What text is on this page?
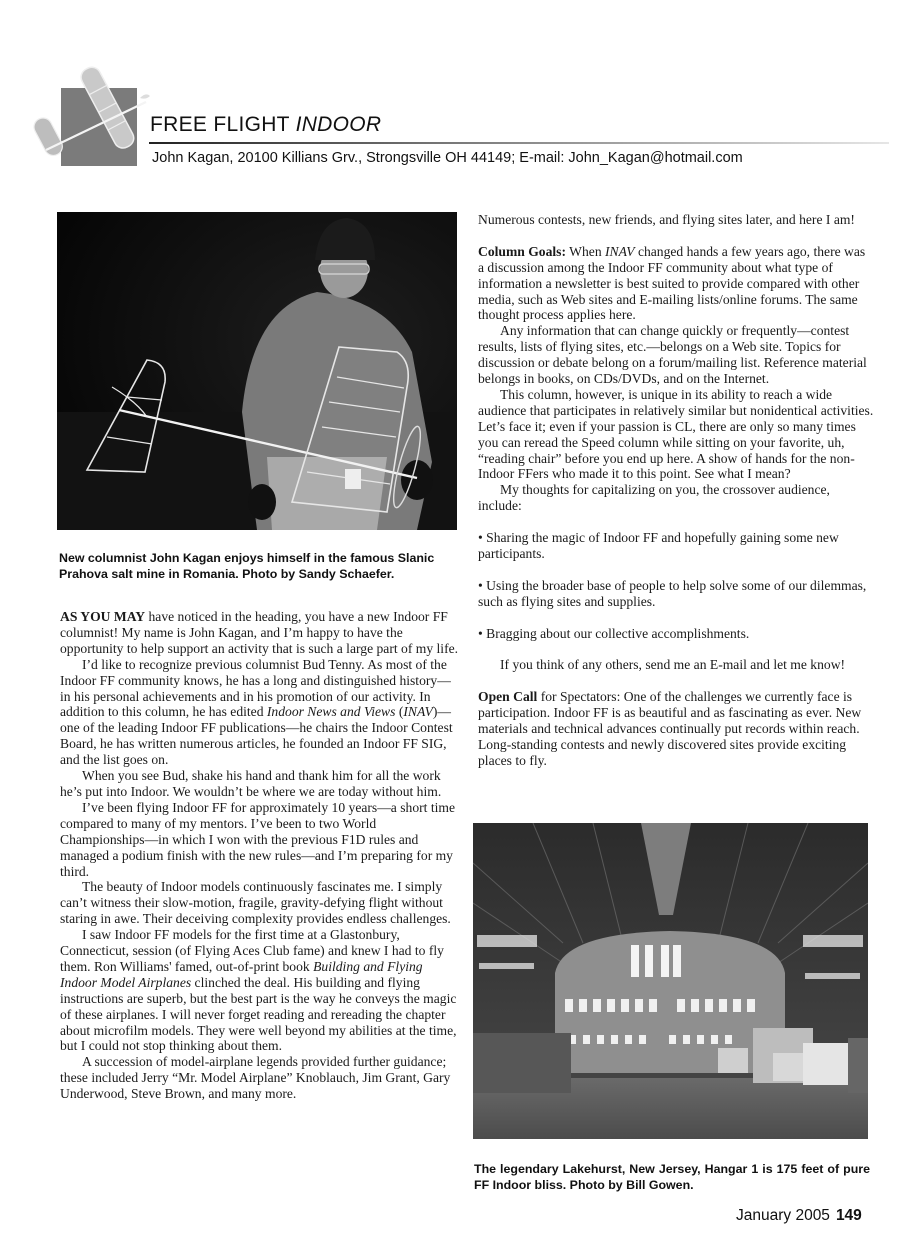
FREE FLIGHT INDOOR
John Kagan, 20100 Killians Grv., Strongsville OH 44149; E-mail: John_Kagan@hotmail.com
New columnist John Kagan enjoys himself in the famous Slanic Prahova salt mine in Romania. Photo by Sandy Schaefer.

AS YOU MAY have noticed in the heading, you have a new Indoor FF columnist! My name is John Kagan, and I’m happy to have the opportunity to help support an activity that is such a large part of my life.

I’d like to recognize previous columnist Bud Tenny. As most of the Indoor FF community knows, he has a long and distinguished history—in his personal achievements and in his promotion of our activity. In addition to this column, he has edited Indoor News and Views (INAV)—one of the leading Indoor FF publications—he chairs the Indoor Contest Board, he has written numerous articles, he founded an Indoor FF SIG, and the list goes on.

When you see Bud, shake his hand and thank him for all the work he’s put into Indoor. We wouldn’t be where we are today without him.

I’ve been flying Indoor FF for approximately 10 years—a short time compared to many of my mentors. I’ve been to two World Championships—in which I won with the previous F1D rules and managed a podium finish with the new rules—and I’m preparing for my third.

The beauty of Indoor models continuously fascinates me. I simply can’t witness their slow-motion, fragile, gravity-defying flight without staring in awe. Their deceiving complexity provides endless challenges.

I saw Indoor FF models for the first time at a Glastonbury, Connecticut, session (of Flying Aces Club fame) and knew I had to fly them. Ron Williams' famed, out-of-print book Building and Flying Indoor Model Airplanes clinched the deal. His building and flying instructions are superb, but the best part is the way he conveys the magic of these airplanes. I will never forget reading and rereading the chapter about microfilm models. They were well beyond my abilities at the time, but I could not stop thinking about them.

A succession of model-airplane legends provided further guidance; these included Jerry “Mr. Model Airplane” Knoblauch, Jim Grant, Gary Underwood, Steve Brown, and many more.

Numerous contests, new friends, and flying sites later, and here I am!

Column Goals: When INAV changed hands a few years ago, there was a discussion among the Indoor FF community about what type of information a newsletter is best suited to provide compared with other media, such as Web sites and E-mailing lists/online forums. The same thought process applies here.

Any information that can change quickly or frequently—contest results, lists of flying sites, etc.—belongs on a Web site. Topics for discussion or debate belong on a forum/mailing list. Reference material belongs in books, on CDs/DVDs, and on the Internet.

This column, however, is unique in its ability to reach a wide audience that participates in relatively similar but nonidentical activities. Let’s face it; even if your passion is CL, there are only so many times you can reread the Speed column while sitting on your favorite, uh, “reading chair” before you end up here. A show of hands for the non-Indoor FFers who made it to this point. See what I mean?

My thoughts for capitalizing on you, the crossover audience, include:

• Sharing the magic of Indoor FF and hopefully gaining some new participants.

• Using the broader base of people to help solve some of our dilemmas, such as flying sites and supplies.

• Bragging about our collective accomplishments.

If you think of any others, send me an E-mail and let me know!

Open Call for Spectators: One of the challenges we currently face is participation. Indoor FF is as beautiful and as fascinating as ever. New materials and technical advances continually put records within reach. Long-standing contests and newly discovered sites provide exciting places to fly.

The legendary Lakehurst, New Jersey, Hangar 1 is 175 feet of pure FF Indoor bliss. Photo by Bill Gowen.
January 2005 149
